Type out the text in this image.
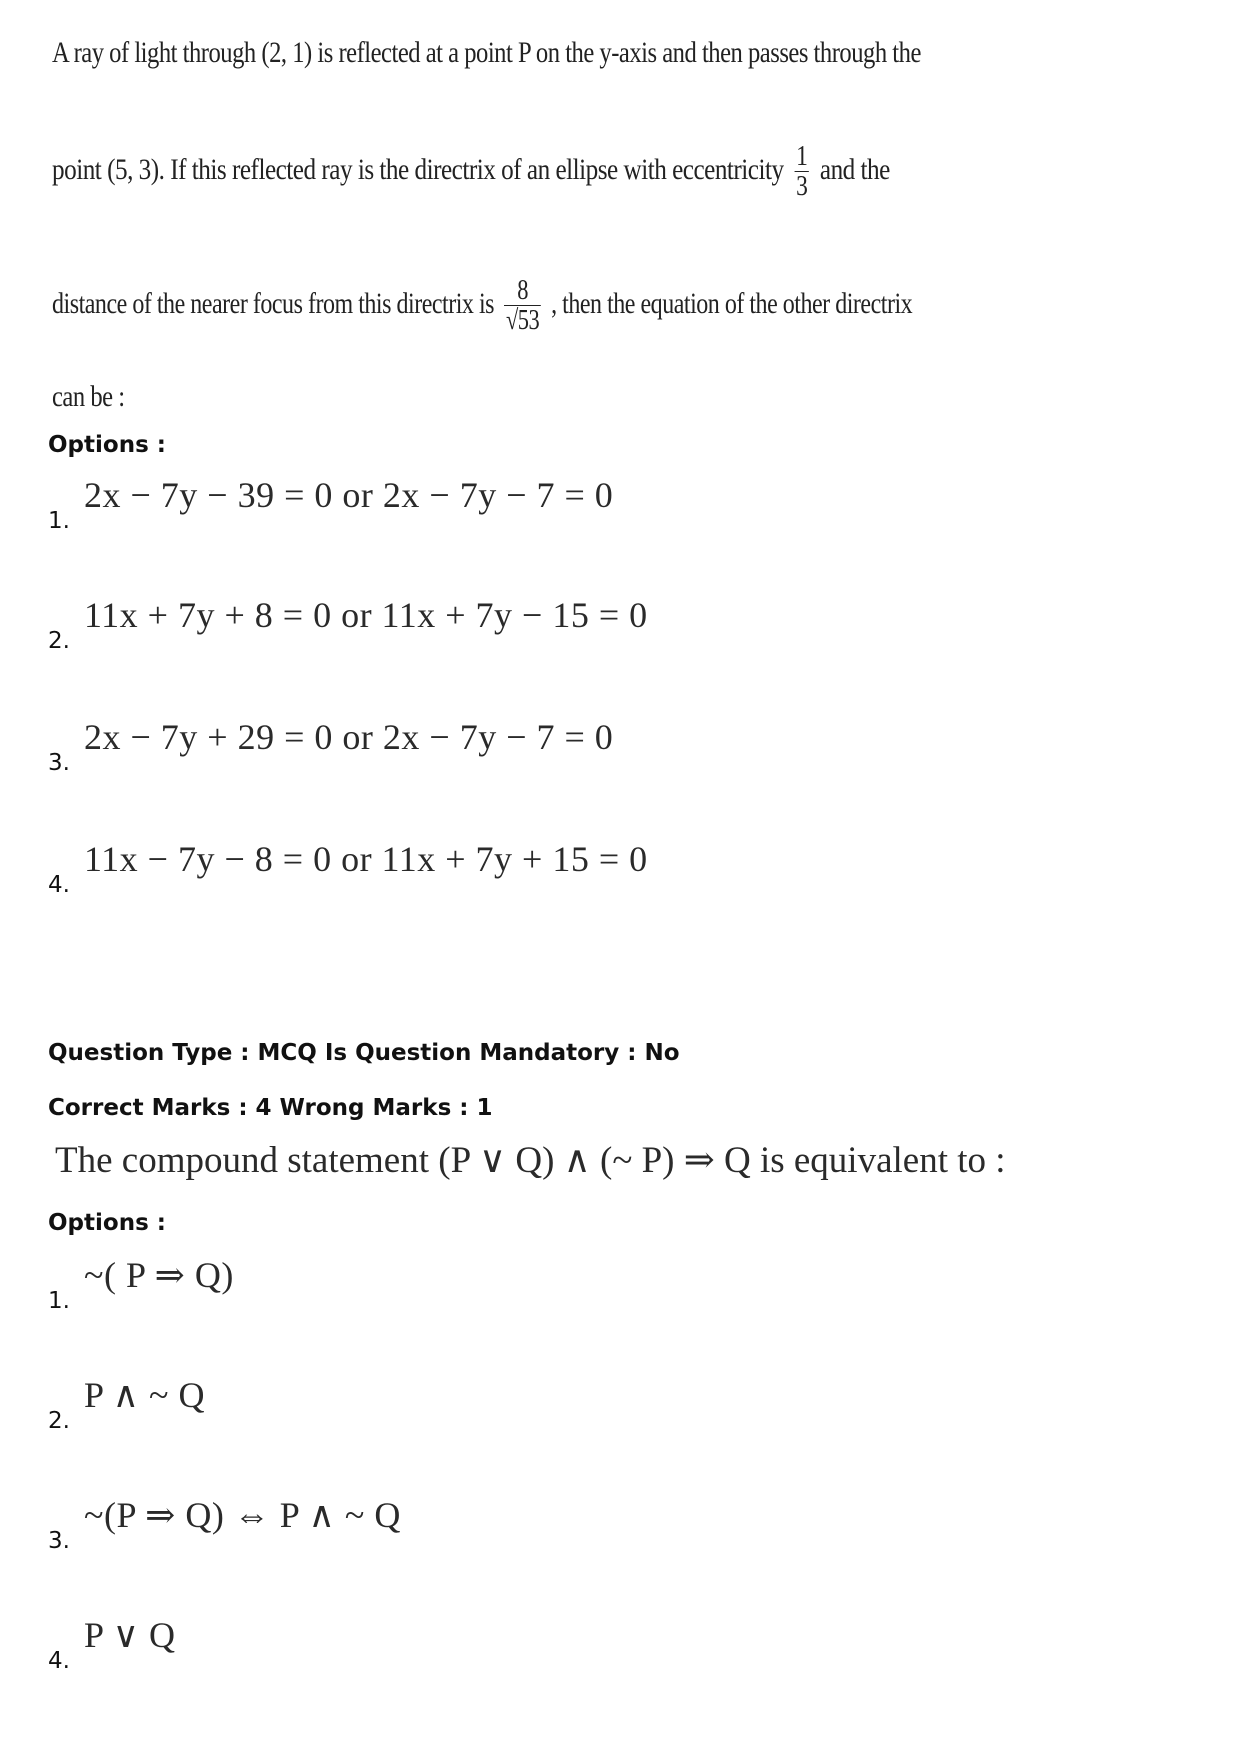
A ray of light through (2, 1) is reflected at a point P on the y-axis and then passes through the
point (5, 3). If this reflected ray is the directrix of an ellipse with eccentricity $\frac{1}{3}$ and the
distance of the nearer focus from this directrix is $\frac{8}{√53}$ , then the equation of the other directrix
can be :
Options :
2x − 7y − 39 = 0 or 2x − 7y − 7 = 0
1.
11x + 7y + 8 = 0 or 11x + 7y − 15 = 0
2.
2x − 7y + 29 = 0 or 2x − 7y − 7 = 0
3.
11x − 7y − 8 = 0 or 11x + 7y + 15 = 0
4.
Question Type : MCQ Is Question Mandatory : No
Correct Marks : 4 Wrong Marks : 1
The compound statement (P ∨ Q) ∧ (~ P) ⇒ Q is equivalent to :
Options :
~( P ⇒ Q)
1.
P ∧ ~ Q
2.
~(P ⇒ Q) ⇔ P ∧ ~ Q
3.
P ∨ Q
4.
